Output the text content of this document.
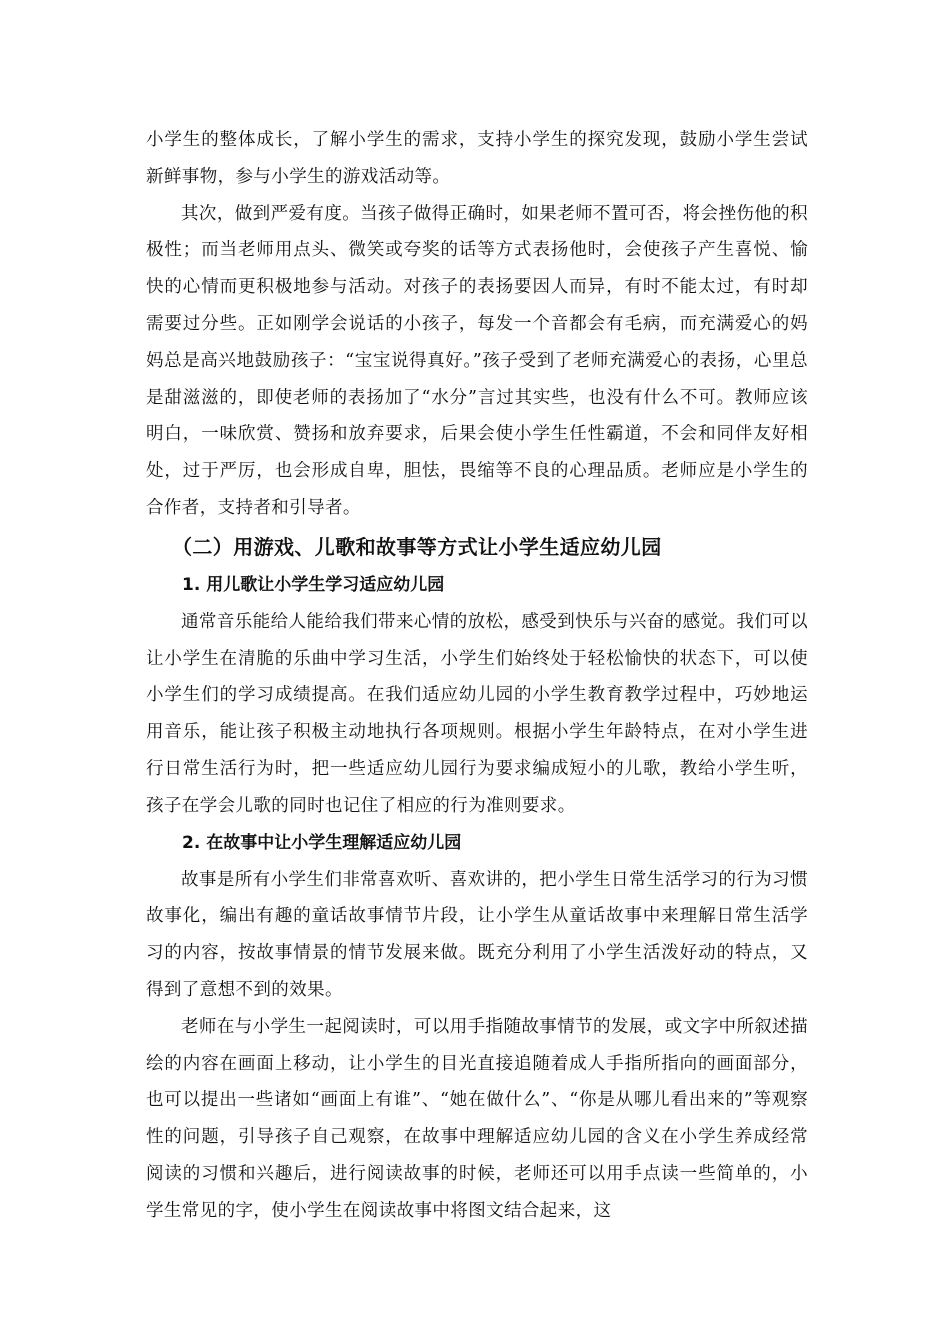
小学生的整体成长，了解小学生的需求，支持小学生的探究发现，鼓励小学生尝试新鲜事物，参与小学生的游戏活动等。

其次，做到严爱有度。当孩子做得正确时，如果老师不置可否，将会挫伤他的积极性；而当老师用点头、微笑或夸奖的话等方式表扬他时，会使孩子产生喜悦、愉快的心情而更积极地参与活动。对孩子的表扬要因人而异，有时不能太过，有时却需要过分些。正如刚学会说话的小孩子，每发一个音都会有毛病，而充满爱心的妈妈总是高兴地鼓励孩子：“宝宝说得真好。”孩子受到了老师充满爱心的表扬，心里总是甜滋滋的，即使老师的表扬加了“水分”言过其实些，也没有什么不可。教师应该明白，一味欣赏、赞扬和放弃要求，后果会使小学生任性霸道，不会和同伴友好相处，过于严厉，也会形成自卑，胆怯，畏缩等不良的心理品质。老师应是小学生的合作者，支持者和引导者。

（二）用游戏、儿歌和故事等方式让小学生适应幼儿园
1. 用儿歌让小学生学习适应幼儿园

通常音乐能给人能给我们带来心情的放松，感受到快乐与兴奋的感觉。我们可以让小学生在清脆的乐曲中学习生活，小学生们始终处于轻松愉快的状态下，可以使小学生们的学习成绩提高。在我们适应幼儿园的小学生教育教学过程中，巧妙地运用音乐，能让孩子积极主动地执行各项规则。根据小学生年龄特点，在对小学生进行日常生活行为时，把一些适应幼儿园行为要求编成短小的儿歌，教给小学生听，孩子在学会儿歌的同时也记住了相应的行为准则要求。

2. 在故事中让小学生理解适应幼儿园

故事是所有小学生们非常喜欢听、喜欢讲的，把小学生日常生活学习的行为习惯故事化，编出有趣的童话故事情节片段，让小学生从童话故事中来理解日常生活学习的内容，按故事情景的情节发展来做。既充分利用了小学生活泼好动的特点，又得到了意想不到的效果。

老师在与小学生一起阅读时，可以用手指随故事情节的发展，或文字中所叙述描绘的内容在画面上移动，让小学生的目光直接追随着成人手指所指向的画面部分，也可以提出一些诸如“画面上有谁”、“她在做什么”、“你是从哪儿看出来的”等观察性的问题，引导孩子自己观察，在故事中理解适应幼儿园的含义在小学生养成经常阅读的习惯和兴趣后，进行阅读故事的时候，老师还可以用手点读一些简单的，小学生常见的字，使小学生在阅读故事中将图文结合起来，这
